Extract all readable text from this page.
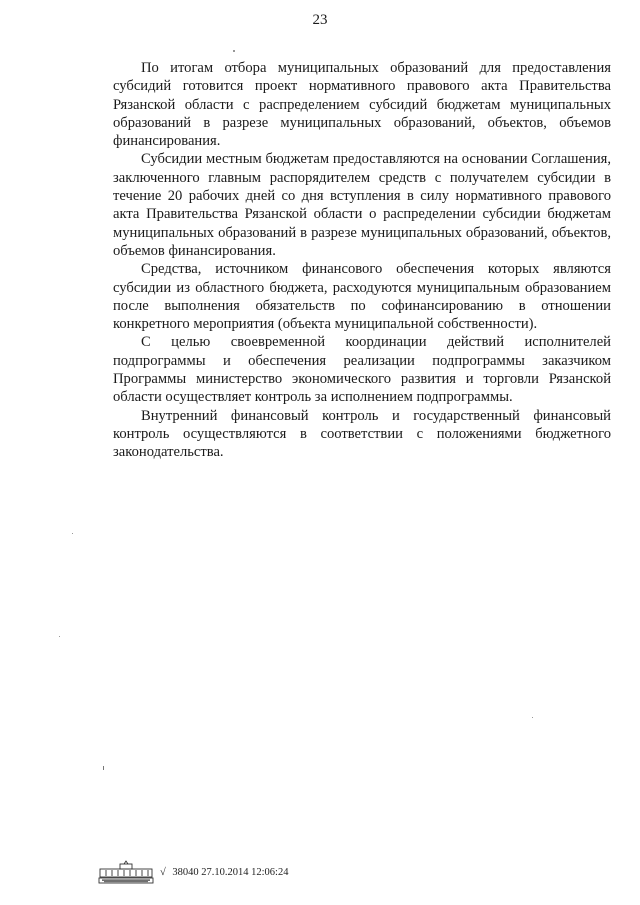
23

По итогам отбора муниципальных образований для предоставления субсидий готовится проект нормативного правового акта Правительства Рязанской области с распределением субсидий бюджетам муниципальных образований в разрезе муниципальных образований, объектов, объемов финансирования.

Субсидии местным бюджетам предоставляются на основании Соглашения, заключенного главным распорядителем средств с получателем субсидии в течение 20 рабочих дней со дня вступления в силу нормативного правового акта Правительства Рязанской области о распределении субсидии бюджетам муниципальных образований в разрезе муниципальных образований, объектов, объемов финансирования.

Средства, источником финансового обеспечения которых являются субсидии из областного бюджета, расходуются муниципальным образованием после выполнения обязательств по софинансированию в отношении конкретного мероприятия (объекта муниципальной собственности).

С целью своевременной координации действий исполнителей подпрограммы и обеспечения реализации подпрограммы заказчиком Программы министерство экономического развития и торговли Рязанской области осуществляет контроль за исполнением подпрограммы.

Внутренний финансовый контроль и государственный финансовый контроль осуществляются в соответствии с положениями бюджетного законодательства.

√ 38040 27.10.2014 12:06:24
